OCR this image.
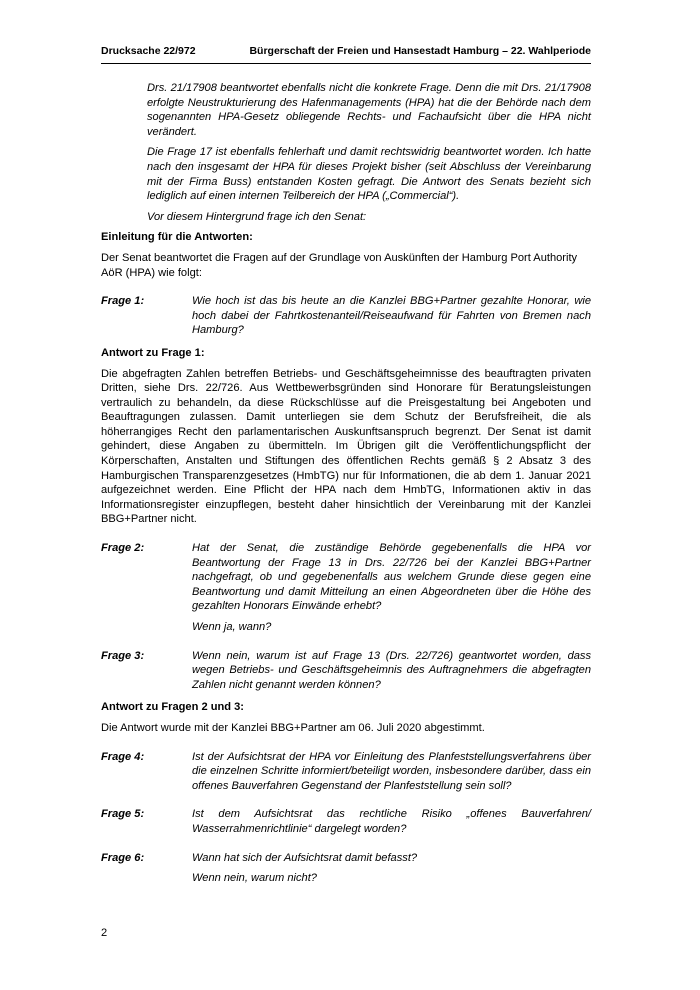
Drucksache 22/972	Bürgerschaft der Freien und Hansestadt Hamburg – 22. Wahlperiode

Drs. 21/17908 beantwortet ebenfalls nicht die konkrete Frage. Denn die mit Drs. 21/17908 erfolgte Neustrukturierung des Hafenmanagements (HPA) hat die der Behörde nach dem sogenannten HPA-Gesetz obliegende Rechts- und Fachaufsicht über die HPA nicht verändert.

Die Frage 17 ist ebenfalls fehlerhaft und damit rechtswidrig beantwortet worden. Ich hatte nach den insgesamt der HPA für dieses Projekt bisher (seit Abschluss der Vereinbarung mit der Firma Buss) entstanden Kosten gefragt. Die Antwort des Senats bezieht sich lediglich auf einen internen Teilbereich der HPA („Commercial“).

Vor diesem Hintergrund frage ich den Senat:

Einleitung für die Antworten:

Der Senat beantwortet die Fragen auf der Grundlage von Auskünften der Hamburg Port Authority AöR (HPA) wie folgt:

Frage 1:	Wie hoch ist das bis heute an die Kanzlei BBG+Partner gezahlte Honorar, wie hoch dabei der Fahrtkostenanteil/Reiseaufwand für Fahrten von Bremen nach Hamburg?

Antwort zu Frage 1:

Die abgefragten Zahlen betreffen Betriebs- und Geschäftsgeheimnisse des beauftragten privaten Dritten, siehe Drs. 22/726. Aus Wettbewerbsgründen sind Honorare für Beratungsleistungen vertraulich zu behandeln, da diese Rückschlüsse auf die Preisgestaltung bei Angeboten und Beauftragungen zulassen. Damit unterliegen sie dem Schutz der Berufsfreiheit, die als höherrangiges Recht den parlamentarischen Auskunftsanspruch begrenzt. Der Senat ist damit gehindert, diese Angaben zu übermitteln. Im Übrigen gilt die Veröffentlichungspflicht der Körperschaften, Anstalten und Stiftungen des öffentlichen Rechts gemäß § 2 Absatz 3 des Hamburgischen Transparenzgesetzes (HmbTG) nur für Informationen, die ab dem 1. Januar 2021 aufgezeichnet werden. Eine Pflicht der HPA nach dem HmbTG, Informationen aktiv in das Informationsregister einzupflegen, besteht daher hinsichtlich der Vereinbarung mit der Kanzlei BBG+Partner nicht.

Frage 2:	Hat der Senat, die zuständige Behörde gegebenenfalls die HPA vor Beantwortung der Frage 13 in Drs. 22/726 bei der Kanzlei BBG+Partner nachgefragt, ob und gegebenenfalls aus welchem Grunde diese gegen eine Beantwortung und damit Mitteilung an einen Abgeordneten über die Höhe des gezahlten Honorars Einwände erhebt?

Wenn ja, wann?

Frage 3:	Wenn nein, warum ist auf Frage 13 (Drs. 22/726) geantwortet worden, dass wegen Betriebs- und Geschäftsgeheimnis des Auftragnehmers die abgefragten Zahlen nicht genannt werden können?

Antwort zu Fragen 2 und 3:

Die Antwort wurde mit der Kanzlei BBG+Partner am 06. Juli 2020 abgestimmt.

Frage 4:	Ist der Aufsichtsrat der HPA vor Einleitung des Planfeststellungsverfahrens über die einzelnen Schritte informiert/beteiligt worden, insbesondere darüber, dass ein offenes Bauverfahren Gegenstand der Planfeststellung sein soll?

Frage 5:	Ist dem Aufsichtsrat das rechtliche Risiko „offenes Bauverfahren/ Wasserrahmenrichtlinie“ dargelegt worden?

Frage 6:	Wann hat sich der Aufsichtsrat damit befasst?

Wenn nein, warum nicht?

2
